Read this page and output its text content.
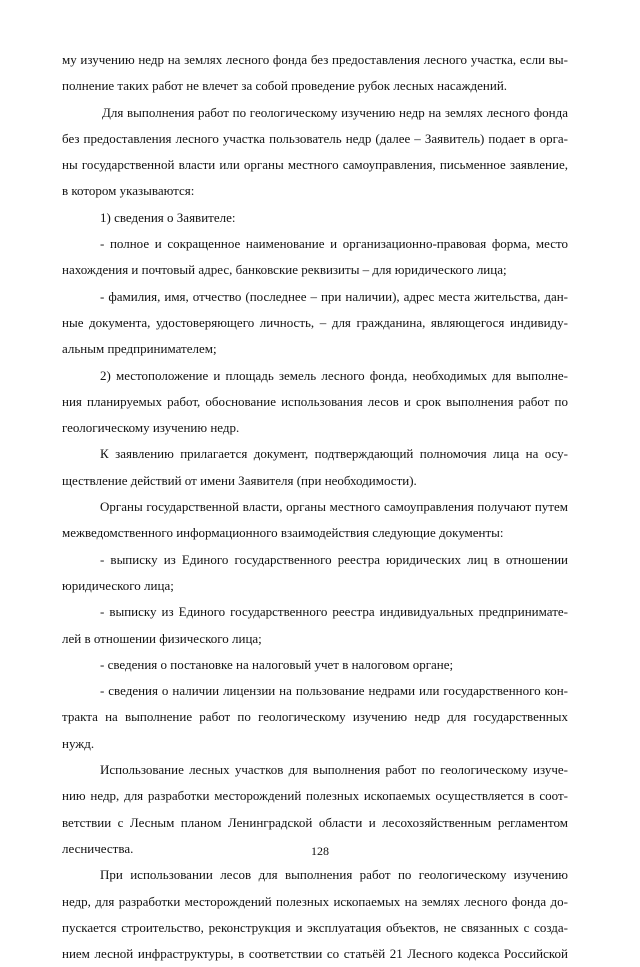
му изучению недр на землях лесного фонда без предоставления лесного участка, если вы-
полнение таких работ не влечет за собой проведение рубок лесных насаждений.
Для выполнения работ по геологическому изучению недр на землях лесного фонда
без предоставления лесного участка пользователь недр (далее – Заявитель) подает в орга-
ны государственной власти или органы местного самоуправления, письменное заявление,
в котором указываются:
1) сведения о Заявителе:
- полное и сокращенное наименование и организационно-правовая форма, место
нахождения и почтовый адрес, банковские реквизиты – для юридического лица;
- фамилия, имя, отчество (последнее – при наличии), адрес места жительства, дан-
ные документа, удостоверяющего личность, – для гражданина, являющегося индивиду-
альным предпринимателем;
2) местоположение и площадь земель лесного фонда, необходимых для выполне-
ния планируемых работ, обоснование использования лесов и срок выполнения работ по
геологическому изучению недр.
К заявлению прилагается документ, подтверждающий полномочия лица на осу-
ществление действий от имени Заявителя (при необходимости).
Органы государственной власти, органы местного самоуправления получают путем
межведомственного информационного взаимодействия следующие документы:
- выписку из Единого государственного реестра юридических лиц в отношении
юридического лица;
- выписку из Единого государственного реестра индивидуальных предпринимате-
лей в отношении физического лица;
- сведения о постановке на налоговый учет в налоговом органе;
- сведения о наличии лицензии на пользование недрами или государственного кон-
тракта на выполнение работ по геологическому изучению недр для государственных
нужд.
Использование лесных участков для выполнения работ по геологическому изуче-
нию недр, для разработки месторождений полезных ископаемых осуществляется в соот-
ветствии с Лесным планом Ленинградской области и лесохозяйственным регламентом
лесничества.
При использовании лесов для выполнения работ по геологическому изучению
недр, для разработки месторождений полезных ископаемых на землях лесного фонда до-
пускается строительство, реконструкция и эксплуатация объектов, не связанных с созда-
нием лесной инфраструктуры, в соответствии со статьёй 21 Лесного кодекса Российской
128
